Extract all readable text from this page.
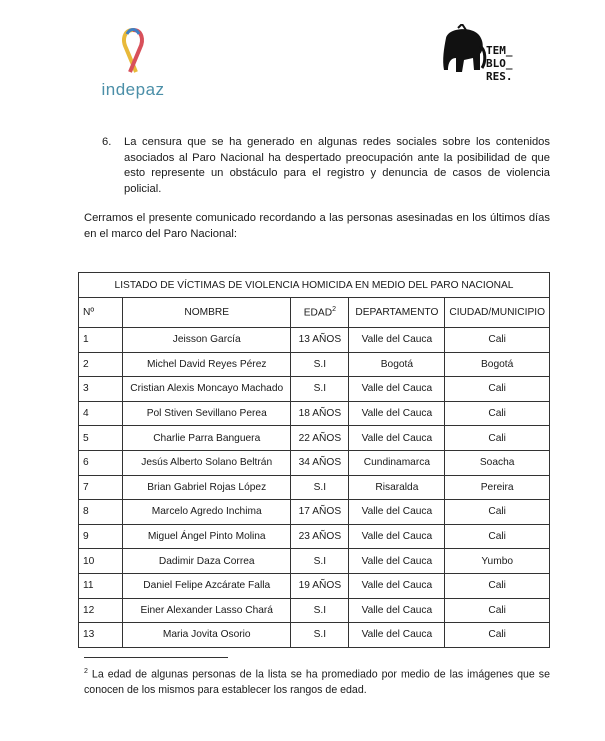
indepaz
TEM_
BLO_
RES.
6.	La censura que se ha generado en algunas redes sociales sobre los contenidos asociados al Paro Nacional ha despertado preocupación ante la posibilidad de que esto represente un obstáculo para el registro y denuncia de casos de violencia policial.
Cerramos el presente comunicado recordando a las personas asesinadas en los últimos días en el marco del Paro Nacional:
LISTADO DE VÍCTIMAS DE VIOLENCIA HOMICIDA EN MEDIO DEL PARO NACIONAL				
Nº	NOMBRE	EDAD$^2$	DEPARTAMENTO	CIUDAD/MUNICIPIO
1	Jeisson García	13 AÑOS	Valle del Cauca	Cali
2	Michel David Reyes Pérez	S.I	Bogotá	Bogotá
3	Cristian Alexis Moncayo Machado	S.I	Valle del Cauca	Cali
4	Pol Stiven Sevillano Perea	18 AÑOS	Valle del Cauca	Cali
5	Charlie Parra Banguera	22 AÑOS	Valle del Cauca	Cali
6	Jesús Alberto Solano Beltrán	34 AÑOS	Cundinamarca	Soacha
7	Brian Gabriel Rojas López	S.I	Risaralda	Pereira
8	Marcelo Agredo Inchima	17 AÑOS	Valle del Cauca	Cali
9	Miguel Ángel Pinto Molina	23 AÑOS	Valle del Cauca	Cali
10	Dadimir Daza Correa	S.I	Valle del Cauca	Yumbo
11	Daniel Felipe Azcárate Falla	19 AÑOS	Valle del Cauca	Cali
12	Einer Alexander Lasso Chará	S.I	Valle del Cauca	Cali
13	Maria Jovita Osorio	S.I	Valle del Cauca	Cali
$^2$ La edad de algunas personas de la lista se ha promediado por medio de las imágenes que se conocen de los mismos para establecer los rangos de edad.
